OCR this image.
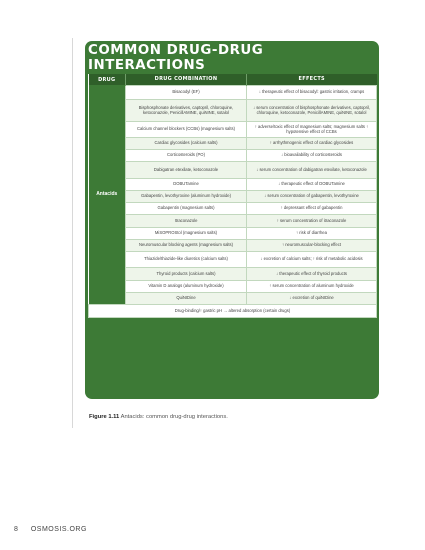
COMMON DRUG-DRUG INTERACTIONS
DRUG	DRUG COMBINATION	EFFECTS
Antacids	Bisacodyl (EF)	↓ therapeutic effect of bisacodyl: gastric irritation, cramps
	Bisphosphonate derivatives, captopril, chloroquine, ketoconazole, PenicillAMINE, quiNINE, sotalol	↓ serum concentration of bisphosphonate derivatives, captopril, chloroquine, ketoconazole, PenicillAMINE, quiNINE, sotalol
	Calcium channel blockers (CCBs) (magnesium salts)	↑ adverse/toxic effect of magnesium salts; magnesium salts ↑ hypotensive effect of CCBs
	Cardiac glycosides (calcium salts)	↑ arrhythmogenic effect of cardiac glycosides
	Corticosteroids (PO)	↓ bioavailability of corticosteroids
	Dabigatran etexilate, ketoconazole	↓ serum concentration of dabigatran etexilate, ketoconazole
	DOBUTamine	↓ therapeutic effect of DOBUTamine
	Gabapentin, levothyroxine (aluminum hydroxide)	↓ serum concentration of gabapentin, levothyroxine
	Gabapentin (magnesium salts)	↑ depressant effect of gabapentin
	Itraconazole	↑ serum concentration of itraconazole
	MiSOPROStol (magnesium salts)	↑ risk of diarrhea
	Neuromuscular blocking agents (magnesium salts)	↑ neuromuscular-blocking effect
	Thiazide/thiazide-like diuretics (calcium salts)	↓ excretion of calcium salts; ↑ risk of metabolic acidosis
	Thyroid products (calcium salts)	↓ therapeutic effect of thyroid products
	Vitamin D analogs (aluminum hydroxide)	↑ serum concentration of aluminum hydroxide
	QuiNIDine	↓ excretion of quiNIDine
Drug-binding/↑ gastric pH → altered absorption (certain drugs)		
Figure 1.11 Antacids: common drug-drug interactions.
8 OSMOSIS.ORG
